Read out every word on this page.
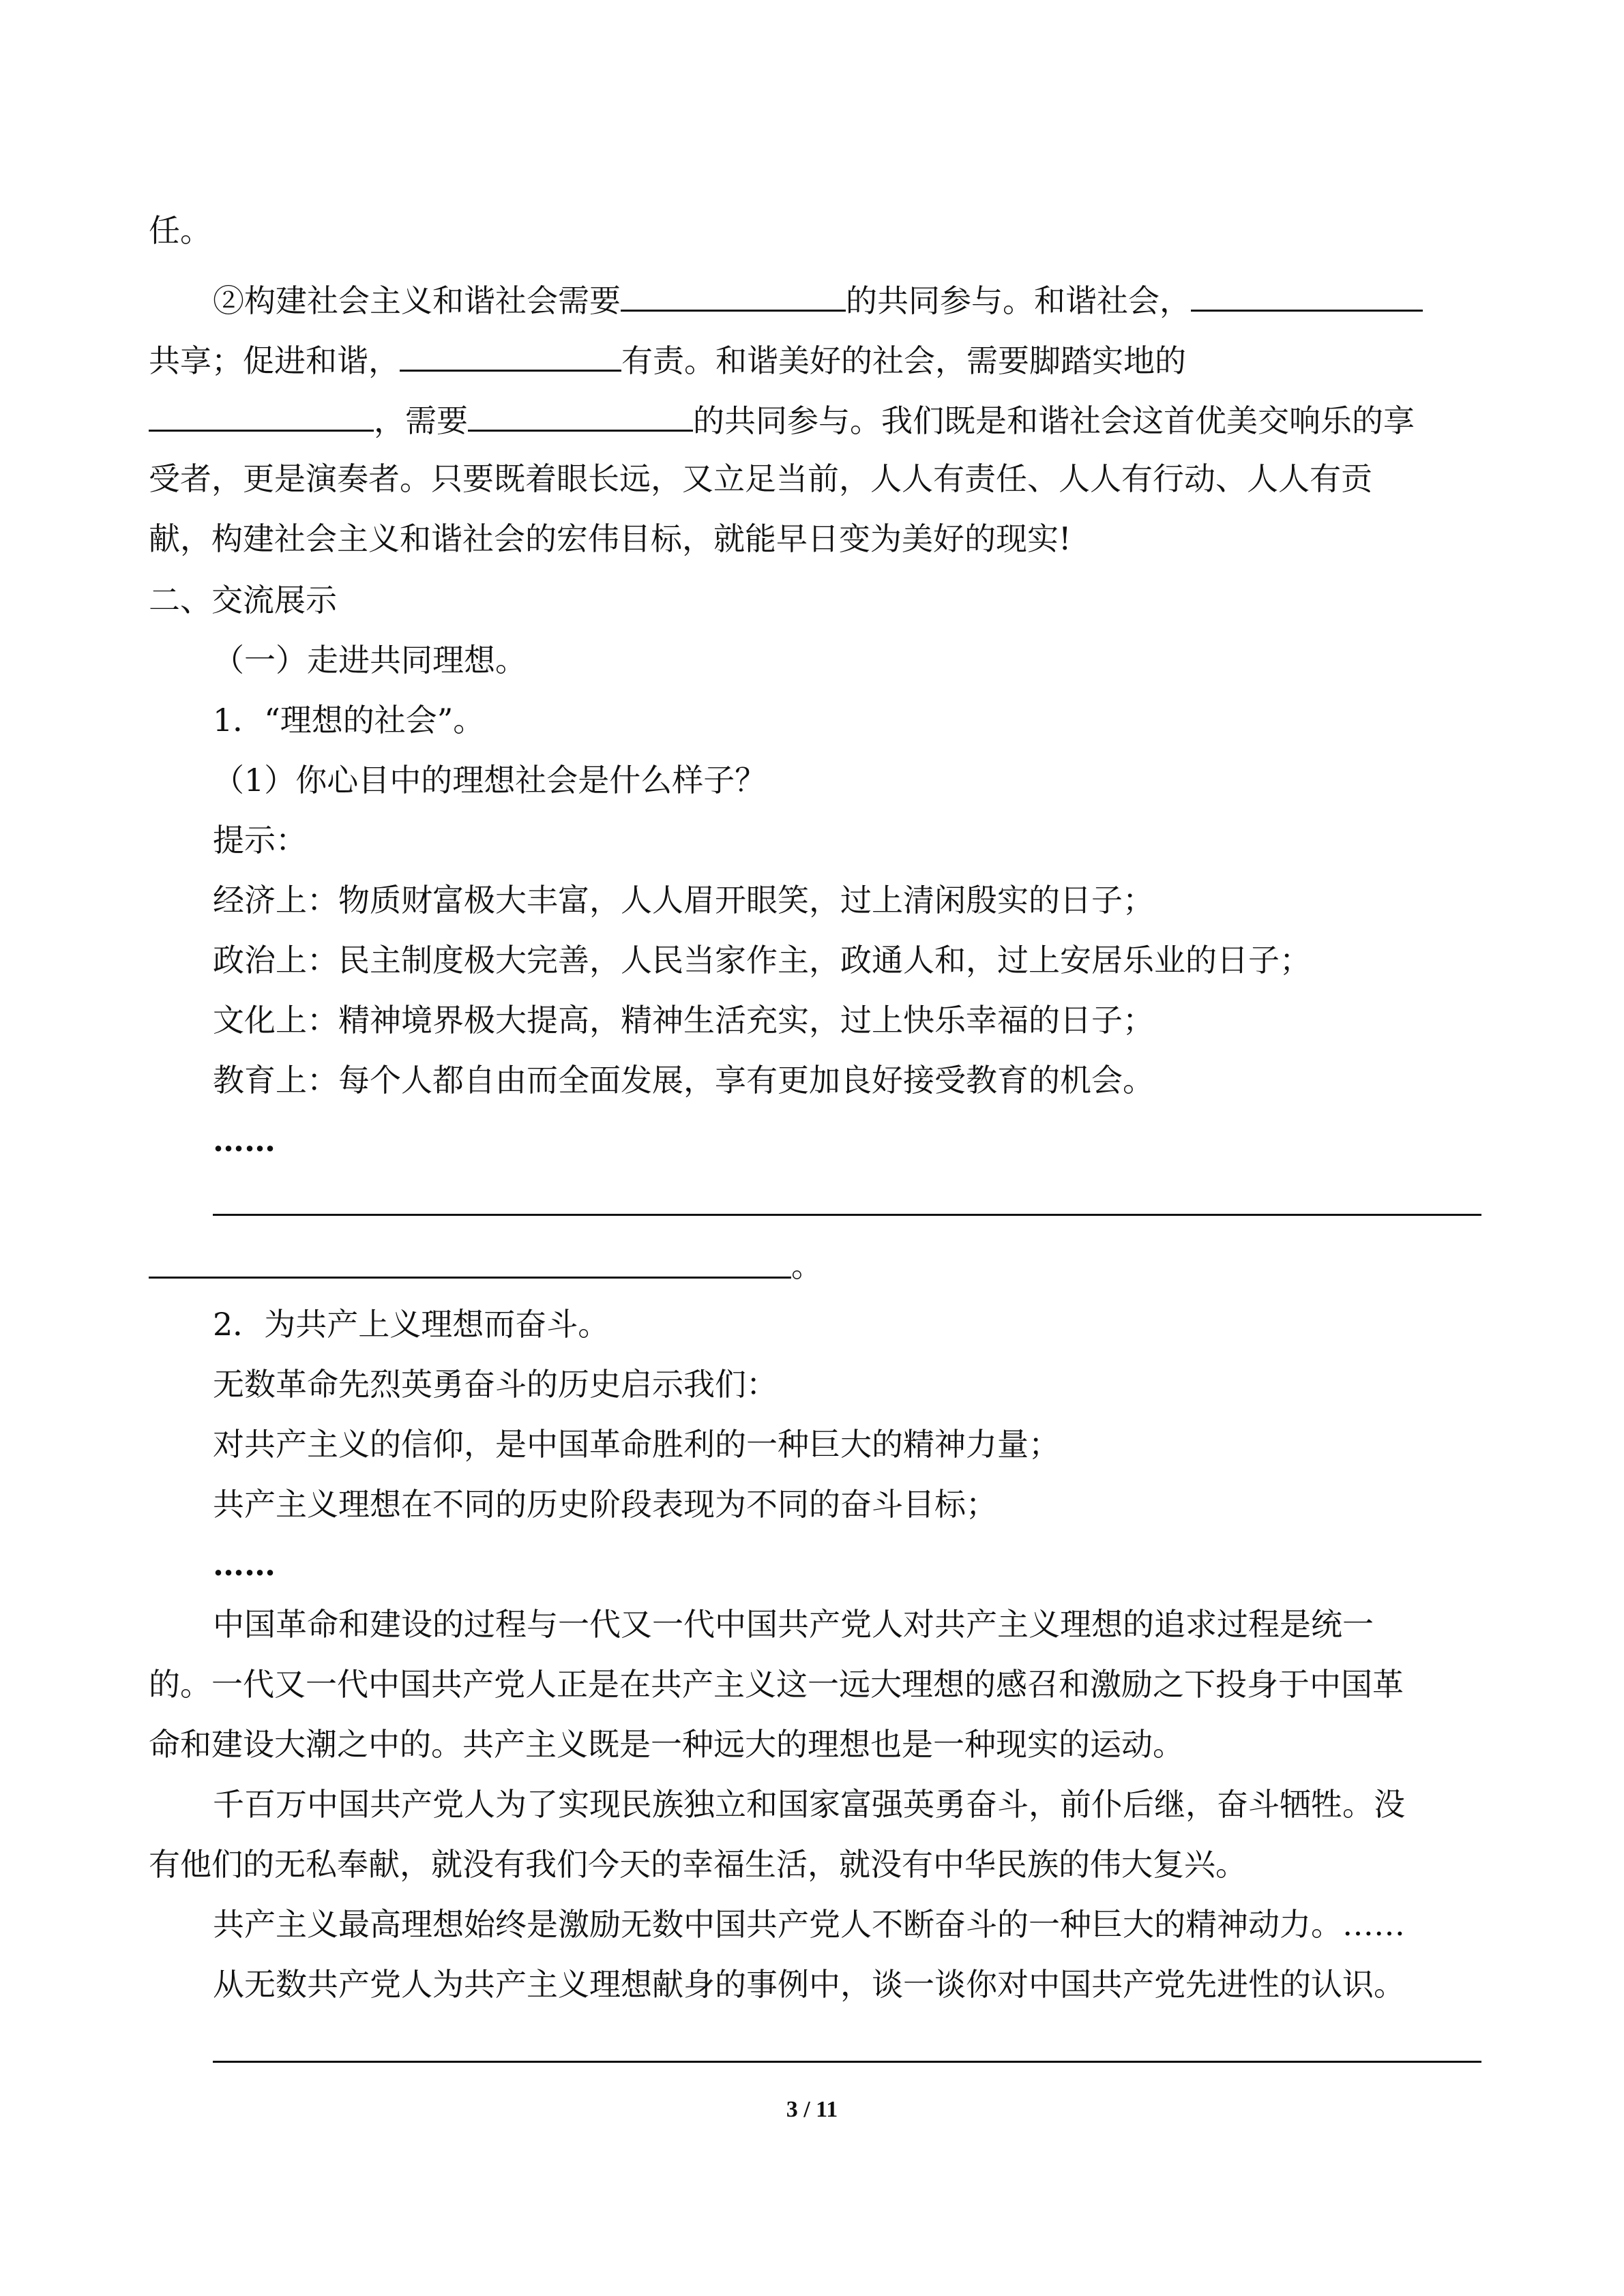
任。
②构建社会主义和谐社会需要	的共同参与。和谐社会，
共享；促进和谐，	有责。和谐美好的社会，需要脚踏实地的
，需要	的共同参与。我们既是和谐社会这首优美交响乐的享
受者，更是演奏者。只要既着眼长远，又立足当前，人人有责任、人人有行动、人人有贡
献，构建社会主义和谐社会的宏伟目标，就能早日变为美好的现实!
二、交流展示
（一）走进共同理想。
1．“理想的社会”。
（1）你心目中的理想社会是什么样子？
提示：
经济上：物质财富极大丰富，人人眉开眼笑，过上清闲殷实的日子；
政治上：民主制度极大完善，人民当家作主，政通人和，过上安居乐业的日子；
文化上：精神境界极大提高，精神生活充实，过上快乐幸福的日子；
教育上：每个人都自由而全面发展，享有更加良好接受教育的机会。
……
。
2．为共产上义理想而奋斗。
无数革命先烈英勇奋斗的历史启示我们：
对共产主义的信仰，是中国革命胜利的一种巨大的精神力量；
共产主义理想在不同的历史阶段表现为不同的奋斗目标；
……
中国革命和建设的过程与一代又一代中国共产党人对共产主义理想的追求过程是统一
的。一代又一代中国共产党人正是在共产主义这一远大理想的感召和激励之下投身于中国革
命和建设大潮之中的。共产主义既是一种远大的理想也是一种现实的运动。
千百万中国共产党人为了实现民族独立和国家富强英勇奋斗，前仆后继，奋斗牺牲。没
有他们的无私奉献，就没有我们今天的幸福生活，就没有中华民族的伟大复兴。
共产主义最高理想始终是激励无数中国共产党人不断奋斗的一种巨大的精神动力。……
从无数共产党人为共产主义理想献身的事例中，谈一谈你对中国共产党先进性的认识。
3 / 11
